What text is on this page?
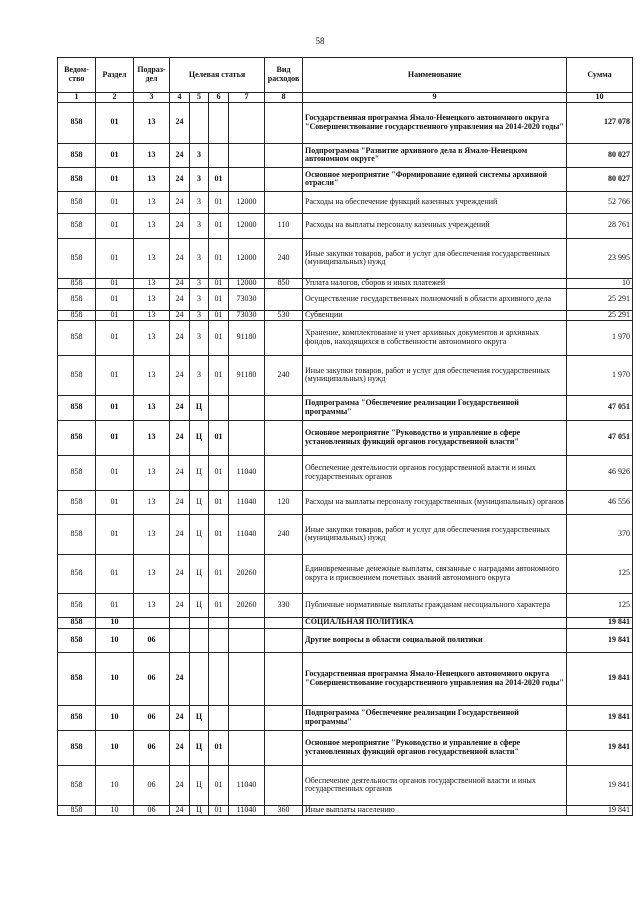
58
Ведом-
ство	Раздел	Подраз-
дел	Целевая статья				Вид
расходов	Наименование	Сумма
1	2	3	4	5	6	7	8	9	10
858	01	13	24					Государственная программа Ямало-Ненецкого автономного округа "Совершенствование государственного управления на 2014-2020 годы"	127 078
858	01	13	24	3				Подпрограмма "Развитие архивного дела в Ямало-Ненецком автономном округе"	80 027
858	01	13	24	3	01			Основное мероприятие "Формирование единой системы архивной отрасли"	80 027
858	01	13	24	3	01	12000		Расходы на обеспечение функций казенных учреждений	52 766
858	01	13	24	3	01	12000	110	Расходы на выплаты персоналу казенных учреждений	28 761
858	01	13	24	3	01	12000	240	Иные закупки товаров, работ и услуг для обеспечения государственных (муниципальных) нужд	23 995
858	01	13	24	3	01	12000	850	Уплата налогов, сборов и иных платежей	10
858	01	13	24	3	01	73030		Осуществление государственных полномочий в области архивного дела	25 291
858	01	13	24	3	01	73030	530	Субвенции	25 291
858	01	13	24	3	01	91180		Хранение, комплектование и учет архивных документов и архивных фондов, находящихся в собственности автономного округа	1 970
858	01	13	24	3	01	91180	240	Иные закупки товаров, работ и услуг для обеспечения государственных (муниципальных) нужд	1 970
858	01	13	24	Ц				Подпрограмма "Обеспечение реализации Государственной программы"	47 051
858	01	13	24	Ц	01			Основное мероприятие "Руководство и управление в сфере установленных функций органов государственной власти"	47 051
858	01	13	24	Ц	01	11040		Обеспечение деятельности органов государственной власти и иных государственных органов	46 926
858	01	13	24	Ц	01	11040	120	Расходы на выплаты персоналу государственных (муниципальных) органов	46 556
858	01	13	24	Ц	01	11040	240	Иные закупки товаров, работ и услуг для обеспечения государственных (муниципальных) нужд	370
858	01	13	24	Ц	01	20260		Единовременные денежные выплаты, связанные с наградами автономного округа и присвоением почетных званий автономного округа	125
858	01	13	24	Ц	01	20260	330	Публичные нормативные выплаты гражданам несоциального характера	125
858	10							СОЦИАЛЬНАЯ ПОЛИТИКА	19 841
858	10	06						Другие вопросы в области социальной политики	19 841
858	10	06	24					Государственная программа Ямало-Ненецкого автономного округа "Совершенствование государственного управления на 2014-2020 годы"	19 841
858	10	06	24	Ц				Подпрограмма "Обеспечение реализации Государственной программы"	19 841
858	10	06	24	Ц	01			Основное мероприятие "Руководство и управление в сфере установленных функций органов государственной власти"	19 841
858	10	06	24	Ц	01	11040		Обеспечение деятельности органов государственной власти и иных государственных органов	19 841
858	10	06	24	Ц	01	11040	360	Иные выплаты населению	19 841
